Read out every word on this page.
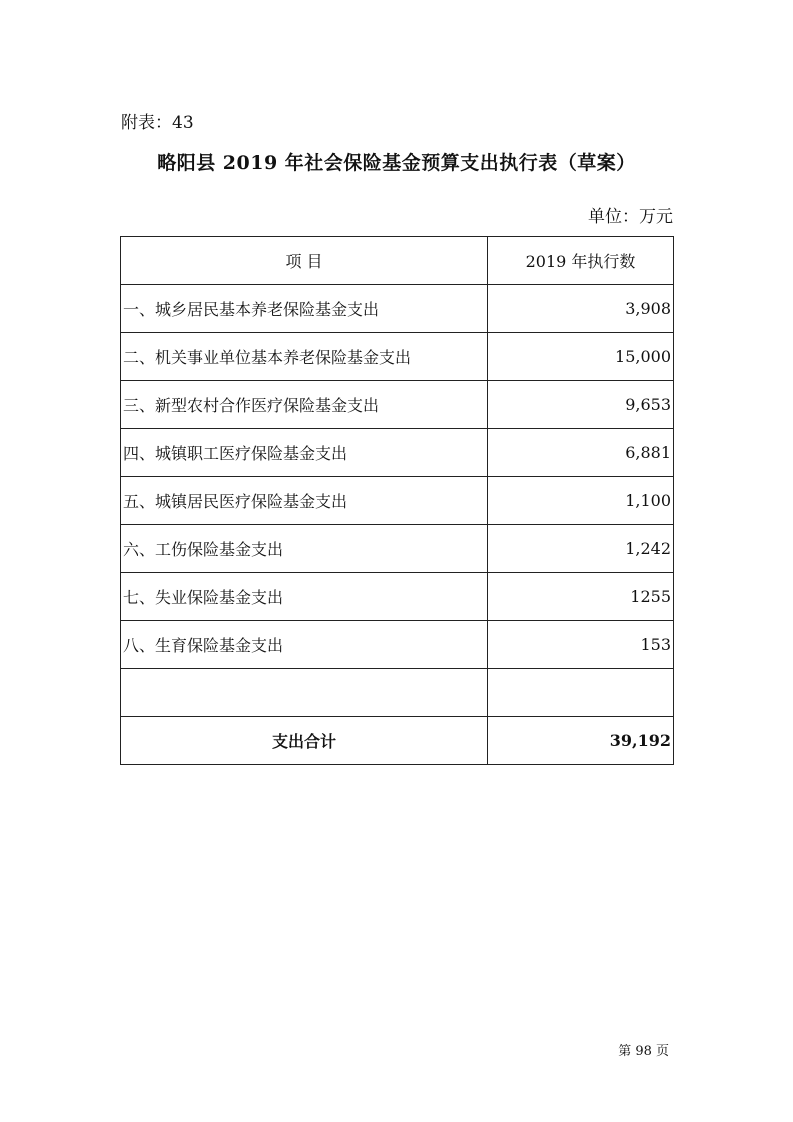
附表：43
略阳县 2019 年社会保险基金预算支出执行表（草案）
单位：万元
项 目	2019 年执行数
一、城乡居民基本养老保险基金支出	3,908
二、机关事业单位基本养老保险基金支出	15,000
三、新型农村合作医疗保险基金支出	9,653
四、城镇职工医疗保险基金支出	6,881
五、城镇居民医疗保险基金支出	1,100
六、工伤保险基金支出	1,242
七、失业保险基金支出	1255
八、生育保险基金支出	153

支出合计	39,192
第 98 页
